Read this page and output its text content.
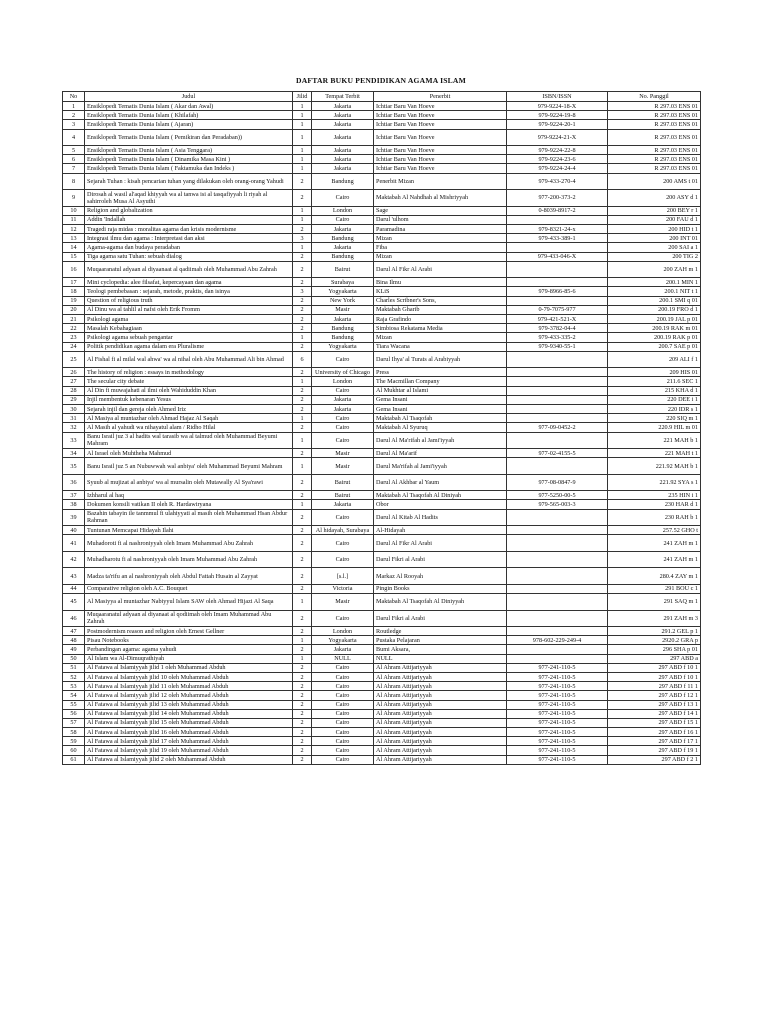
DAFTAR BUKU PENDIDIKAN AGAMA ISLAM
No	Judul	Jilid	Tempat Terbit	Penerbit	ISBN/ISSN	No. Panggil
1	Ensiklopedi Tematis Dunia Islam ( Akar dan Awal)	1	Jakarta	Ichtiar Baru Van Hoeve	979-9224-18-X	R 297.03 ENS 01
2	Ensiklopedi Tematis Dunia Islam ( Khilafah)	1	Jakarta	Ichtiar Baru Van Hoeve	979-9224-19-8	R 297.03 ENS 01
3	Ensiklopedi Tematis Dunia Islam ( Ajaran)	1	Jakarta	Ichtiar Baru Van Hoeve	979-9224-20-1	R 297.03 ENS 01
4	Ensiklopedi Tematis Dunia Islam ( Pemikiran dan Peradaban))	1	Jakarta	Ichtiar Baru Van Hoeve	979-9224-21-X	R 297.03 ENS 01
5	Ensiklopedi Tematis Dunia Islam ( Asia Tenggara)	1	Jakarta	Ichtiar Baru Van Hoeve	979-9224-22-8	R 297.03 ENS 01
6	Ensiklopedi Tematis Dunia Islam ( Dinamika Masa Kini )	1	Jakarta	Ichtiar Baru Van Hoeve	979-9224-23-6	R 297.03 ENS 01
7	Ensiklopedi Tematis Dunia Islam ( Faktamuka dan Indeks )	1	Jakarta	Ichtiar Baru Van Hoeve	979-9224-24-4	R 297.03 ENS 01
8	Sejarah Tuhan : kisah pencarian tuhan yang dilakukan oleh orang-orang Yahudi	2	Bandung	Penerbit Mizan	979-433-270-4	200 AMS t 01
9	Dirosah al wasil al'aqad khiyyah wa al tanwa isi al tasqafiyyah li riyah al sahirroleh Musa Al Asyuthi	2	Cairo	Maktabah Al Nahdhah al Mishriyyah	977-200-373-2	200 ASY d 1
10	Religion and globalization	1	London	Sage	0-8039-8917-2	200 BEY r 1
11	Addin 'Indallah	1	Cairo	Darul 'ulhom		200 FAU d 1
12	Tragedi raja midas : moralitas agama dan krisis modernisme	2	Jakarta	Paramadina	979-8321-24-x	200 HID t 1
13	Integrasi ilmu dan agama : Interpretasi dan aksi	3	Bandung	Mizan	979-433-389-1	200 INT 01
14	Agama-agama dan budaya peradaban	1	Jakarta	Fiba		200 SAI a 1
15	Tiga agama satu Tuhan: sebuah dialog	2	Bandung	Mizan	979-433-046-X	200 TIG 2
16	Muqaaranatul adyaan al diyaanaat al qadiimah oleh Muhammad Abu Zahrah	2	Bairut	Darul Al Fikr Al Arabi		200 ZAH m 1
17	Mini cyclopedia: alee filsafat, kepercayaan dan agama	2	Surabaya	Bina Ilmu		200.1 MIN 1
18	Teologi pembebasan : sejarah, metode, praktis, dan isinya	3	Yogyakarta	KLiS	979-8966-85-6	200.1 NIT t 1
19	Question of religious truth	2	New York	Charles Scribner's Sons,		200.1 SMI q 01
20	Al Dinu wa al tahlil al nafsi oleh Erik Fromm	2	Masir	Maktabah Gharib	0-79-7075-977	200.19 FRO d 1
21	Psikologi agama	2	Jakarta	Raja Grafindo	979-421-521-X	200.19 JAL p 01
22	Masalah Kebahagiaan	2	Bandung	Simbiosa Rekatama Media	979-3782-04-4	200.19 RAK m 01
23	Psikologi agama sebuah pengantar	1	Bandung	Mizan	979-433-335-2	200.19 RAK p 01
24	Politik pendidikan agama dalam era Pluralisme	2	Yogyakarta	Tiara Wacana	979-9340-55-1	200.7 SAE p 01
25	Al Fishal fi al milal wal ahwa' wa al nihal oleh Abu Muhammad Ali bin Ahmad	6	Cairo	Darul Ihya' al Turats al Arabiyyah		209 ALI f 1
26	The history of religion : essays in methodology	2	University of Chicago	Press		209 HIS 01
27	The secular city debate	1	London	The Macmillan Company		211.6 SEC 1
28	Al Din fi muwajahati al ilmi oleh Wahiduddin Khan	2	Cairo	Al Mukhtar al Islami		215 KHA d 1
29	Injil membentuk kebenaran Yesus	2	Jakarta	Gema Insani		220 DEE i 1
30	Sejarah injil dan gereja oleh Ahmed Iriz	2	Jakarta	Gema Insani		220 IDR s 1
31	Al Masiya al muntazhar oleh Ahmad Hajaz Al Saqah	1	Cairo	Maktabah Al Tsaqofah		220 SIQ m 1
32	Al Masih al yahudi wa nihayatul alam / Ridho Hilal	2	Cairo	Maktabah Al Syuruq	977-09-0452-2	220.9 HIL m 01
33	Banu Israil juz 3 al hadits wal tarasib wa al talmud oleh Muhammad Beyumi Mahram	1	Cairo	Darul Al Ma'rifah al Jami'iyyah		221 MAH b 1
34	Al Israel oleh Muhtheha Mahmud	2	Masir	Darul Al Ma'arif	977-02-4155-5	221 MAH t 1
35	Banu Israil juz 5 an Nubuwwah wal anbiya' oleh Muhammad Beyumi Mahram	1	Masir	Darul Ma'rifah al Jami'iyyah		221.92 MAH b 1
36	Syuub al mujizat al anbiya' wa al mursalin oleh Mutawally Al Sya'rawi	2	Bairut	Darul Al Akhbar al Yaum	977-08-0847-9	221.92 SYA s 1
37	Izhharul al haq	2	Bairut	Maktabah Al Tsaqofah Al Diniyah	977-5250-00-5	235 HIN i 1
38	Dokumen konsili vatikan II oleh R. Hardawiryana	1	Jakarta	Obor	979-565-003-3	230 HAR d 1
39	Bazahin tabayin ile tanmmul fi ulahiyyati al masih oleh Muhammad Hsan Abdur Rahman	2	Cairo	Darul Al Kitab Al Hadits		230 RAH b 1
40	Tuntunan Memcapai Hidayah Ilahi	2	Al hidayah, Surabaya	Al-Hidayah		257.52 GHO t
41	Muhadoroti fi al nashroniyyah oleh Imam Muhammad Abu Zahrah	2	Cairo	Darul Al Fikr Al Arabi		241 ZAH m 1
42	Muhadharotu fi al nashroniyyah oleh Imam Muhammad Abu Zahrah	2	Cairo	Darul Fikri al Arabi		241 ZAH m 1
43	Madza ta'rifu an al nashroniyyah oleh Abdul Fattah Husain al Zayyat	2	[s.l.]	Markaz Al Rooyah		280.4 ZAY m 1
44	Comparative religion oleh A.C. Bouquet	2	Victoria	Pingin Books		291 BOU c 1
45	Al Masiyya al muntazhar Nabiyyul Islam SAW oleh Ahmad Hijazi Al Saqa	1	Masir	Maktabah Al Tsaqofah Al Diniyyah		291 SAQ m 1
46	Muqaaranatul adyaan al diyanaat al qodiimah oleh Imam Muhammad Abu Zahrah	2	Cairo	Darul Fikri al Arabi		291 ZAH m 3
47	Postmodernism reason and religion oleh Ernest Gellner	2	London	Routledge		291.2 GEL p 1
48	Pisau Notebooks	1	Yogyakarta	Pustaka Pelajaran	978-602-229-249-4	2920.2 GRA p
49	Perbandingan agama: agama yahudi	2	Jakarta	Bumi Aksara,		296 SHA p 01
50	Al Islam wa Al-Dimuqrathiyah	1	NULL	NULL		297 ABD a
51	Al Fatawa al Islamiyyah jilid 1 oleh Muhammad Abduh	2	Cairo	Al Ahram Attijariyyah	977-241-110-5	297 ABD f 10 1
52	Al Fatawa al Islamiyyah jilid 10 oleh Muhammad Abduh	2	Cairo	Al Ahram Attijariyyah	977-241-110-5	297 ABD f 10 1
53	Al Fatawa al Islamiyyah jilid 11 oleh Muhammad Abduh	2	Cairo	Al Ahram Attijariyyah	977-241-110-5	297 ABD f 11 1
54	Al Fatawa al Islamiyyah jilid 12 oleh Muhammad Abduh	2	Cairo	Al Ahram Attijariyyah	977-241-110-5	297 ABD f 12 1
55	Al Fatawa al Islamiyyah jilid 13 oleh Muhammad Abduh	2	Cairo	Al Ahram Attijariyyah	977-241-110-5	297 ABD f 13 1
56	Al Fatawa al Islamiyyah jilid 14 oleh Muhammad Abduh	2	Cairo	Al Ahram Attijariyyah	977-241-110-5	297 ABD f 14 1
57	Al Fatawa al Islamiyyah jilid 15 oleh Muhammad Abduh	2	Cairo	Al Ahram Attijariyyah	977-241-110-5	297 ABD f 15 1
58	Al Fatawa al Islamiyyah jilid 16 oleh Muhammad Abduh	2	Cairo	Al Ahram Attijariyyah	977-241-110-5	297 ABD f 16 1
59	Al Fatawa al Islamiyyah jilid 17 oleh Muhammad Abduh	2	Cairo	Al Ahram Attijariyyah	977-241-110-5	297 ABD f 17 1
60	Al Fatawa al Islamiyyah jilid 19 oleh Muhammad Abduh	2	Cairo	Al Ahram Attijariyyah	977-241-110-5	297 ABD f 19 1
61	Al Fatawa al Islamiyyah jilid 2 oleh Muhammad Abduh	2	Cairo	Al Ahram Attijariyyah	977-241-110-5	297 ABD f 2 1
